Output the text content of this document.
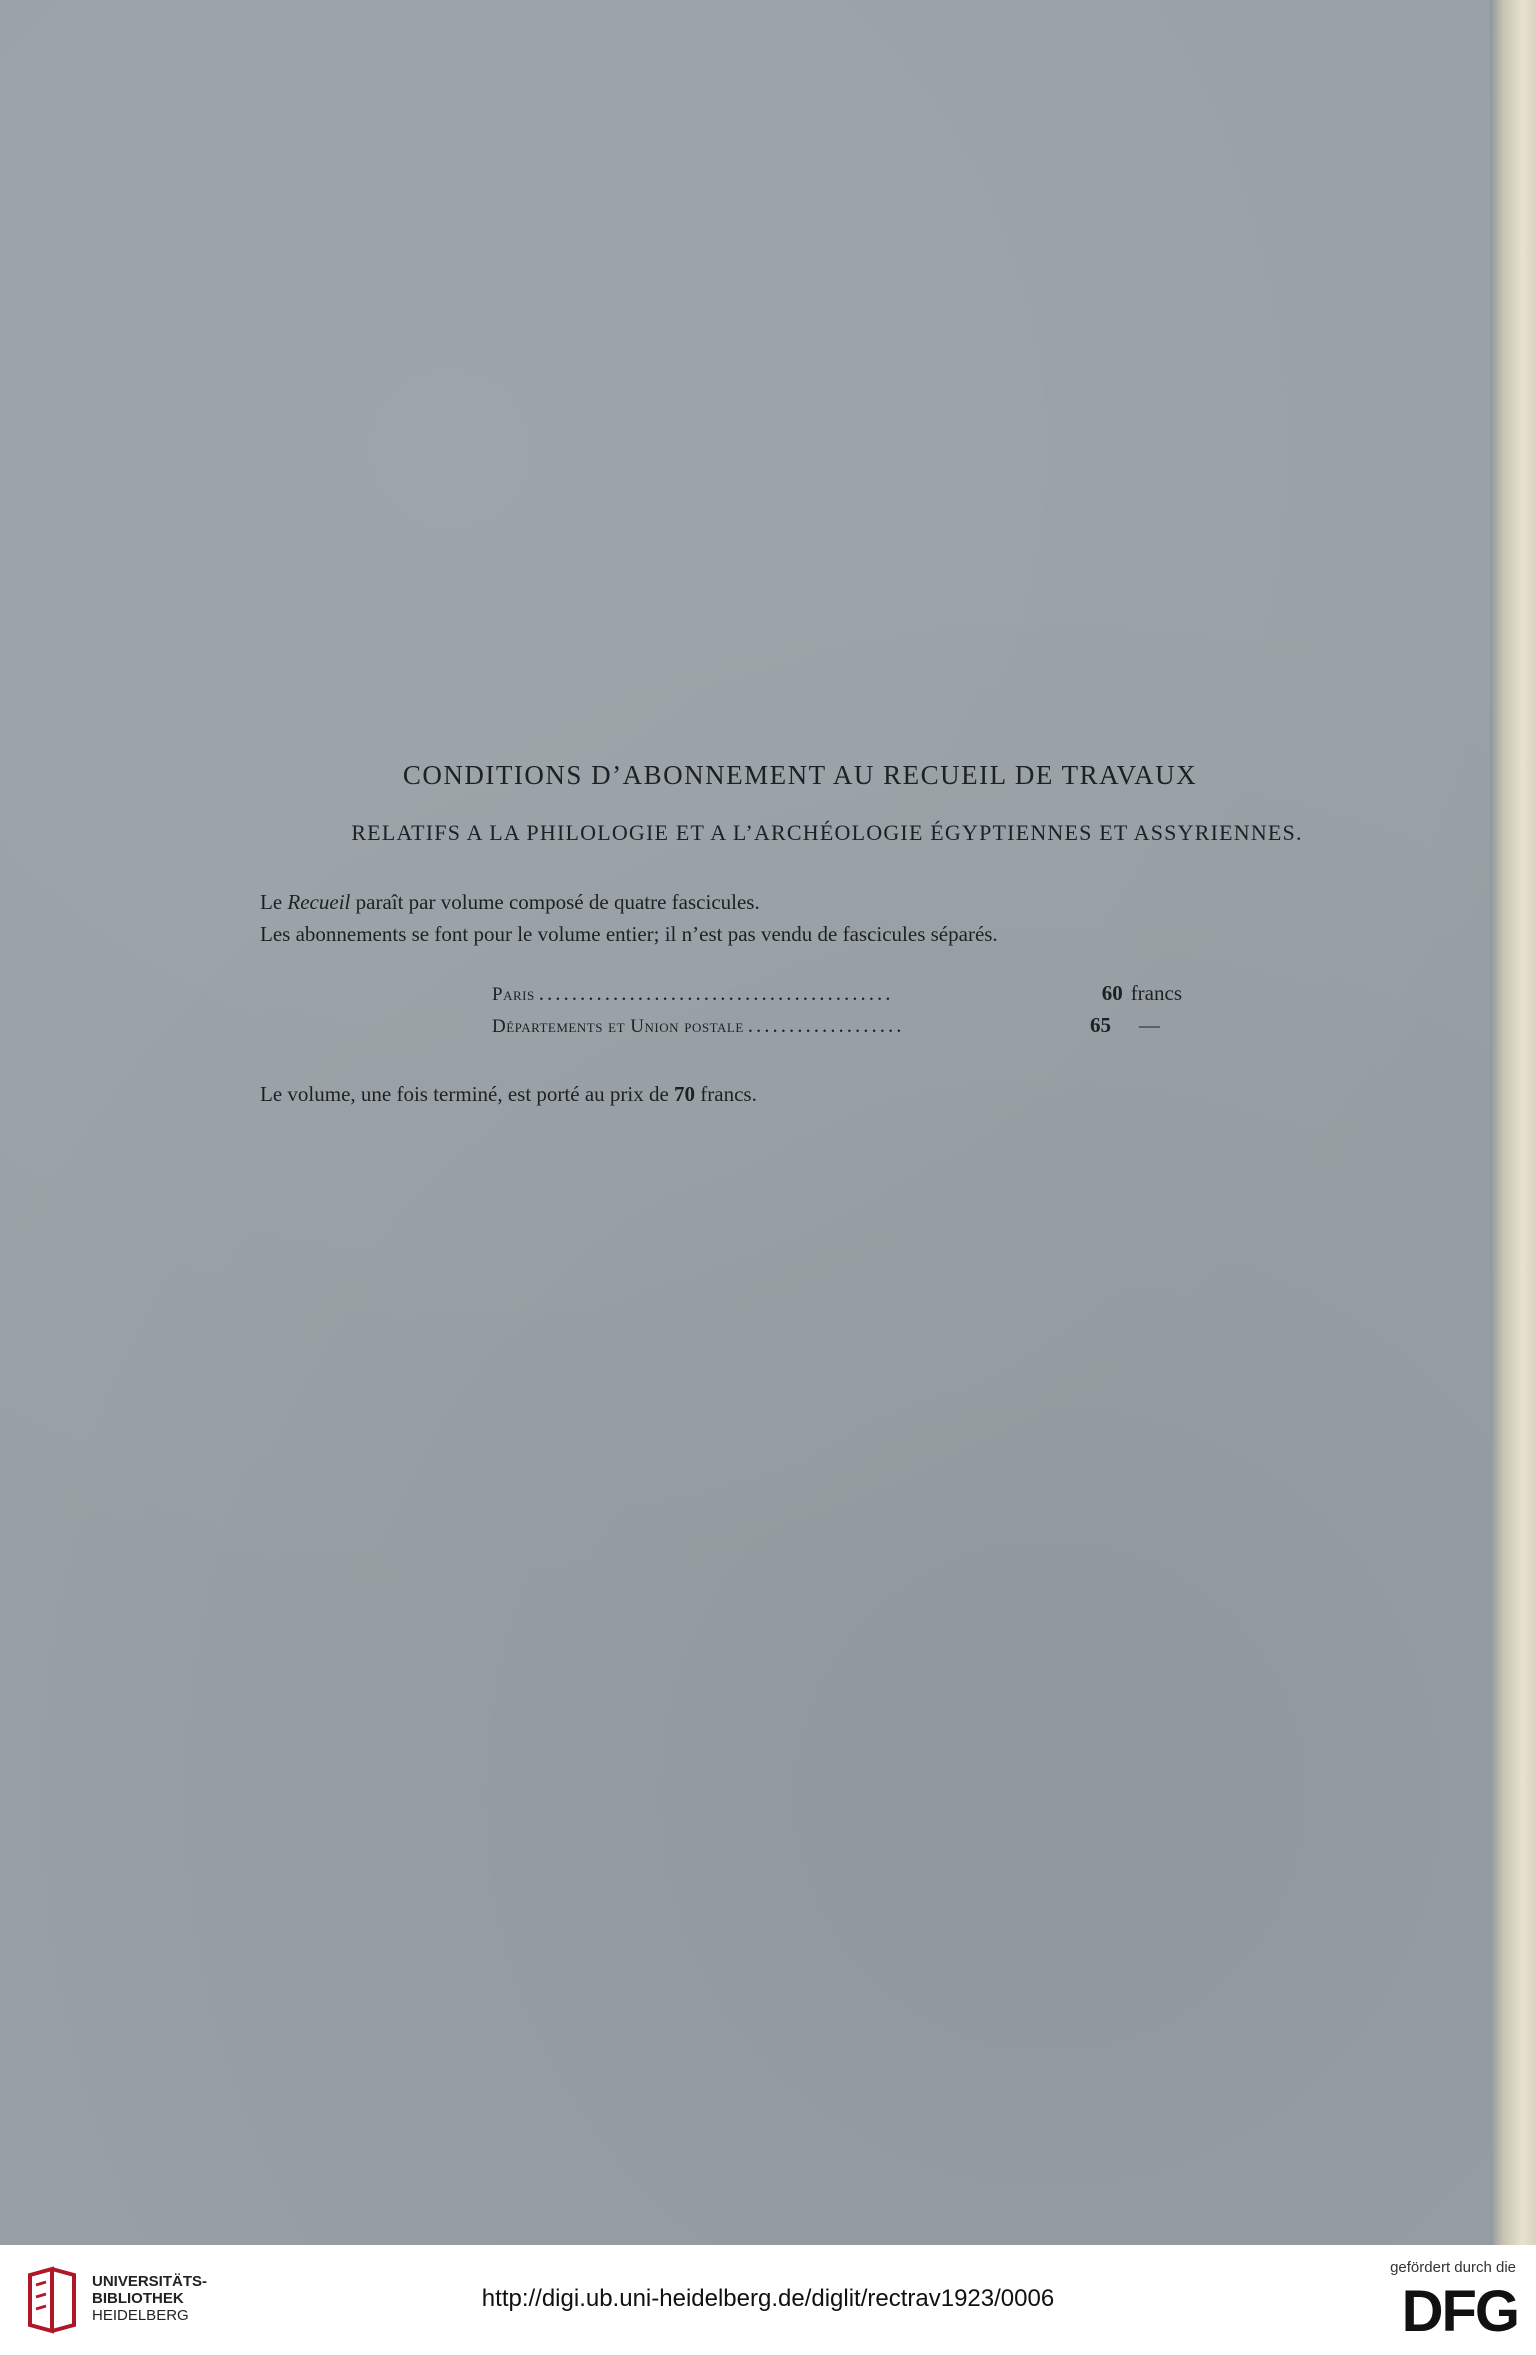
CONDITIONS D’ABONNEMENT AU RECUEIL DE TRAVAUX
RELATIFS A LA PHILOLOGIE ET A L’ARCHÉOLOGIE ÉGYPTIENNES ET ASSYRIENNES.
Le Recueil paraît par volume composé de quatre fascicules.
Les abonnements se font pour le volume entier; il n’est pas vendu de fascicules séparés.
Paris ...........................................	60 francs
Départements et Union postale ...................	65 —
Le volume, une fois terminé, est porté au prix de 70 francs.
UNIVERSITÄTS-
BIBLIOTHEK
HEIDELBERG
http://digi.ub.uni-heidelberg.de/diglit/rectrav1923/0006
gefördert durch die
DFG
